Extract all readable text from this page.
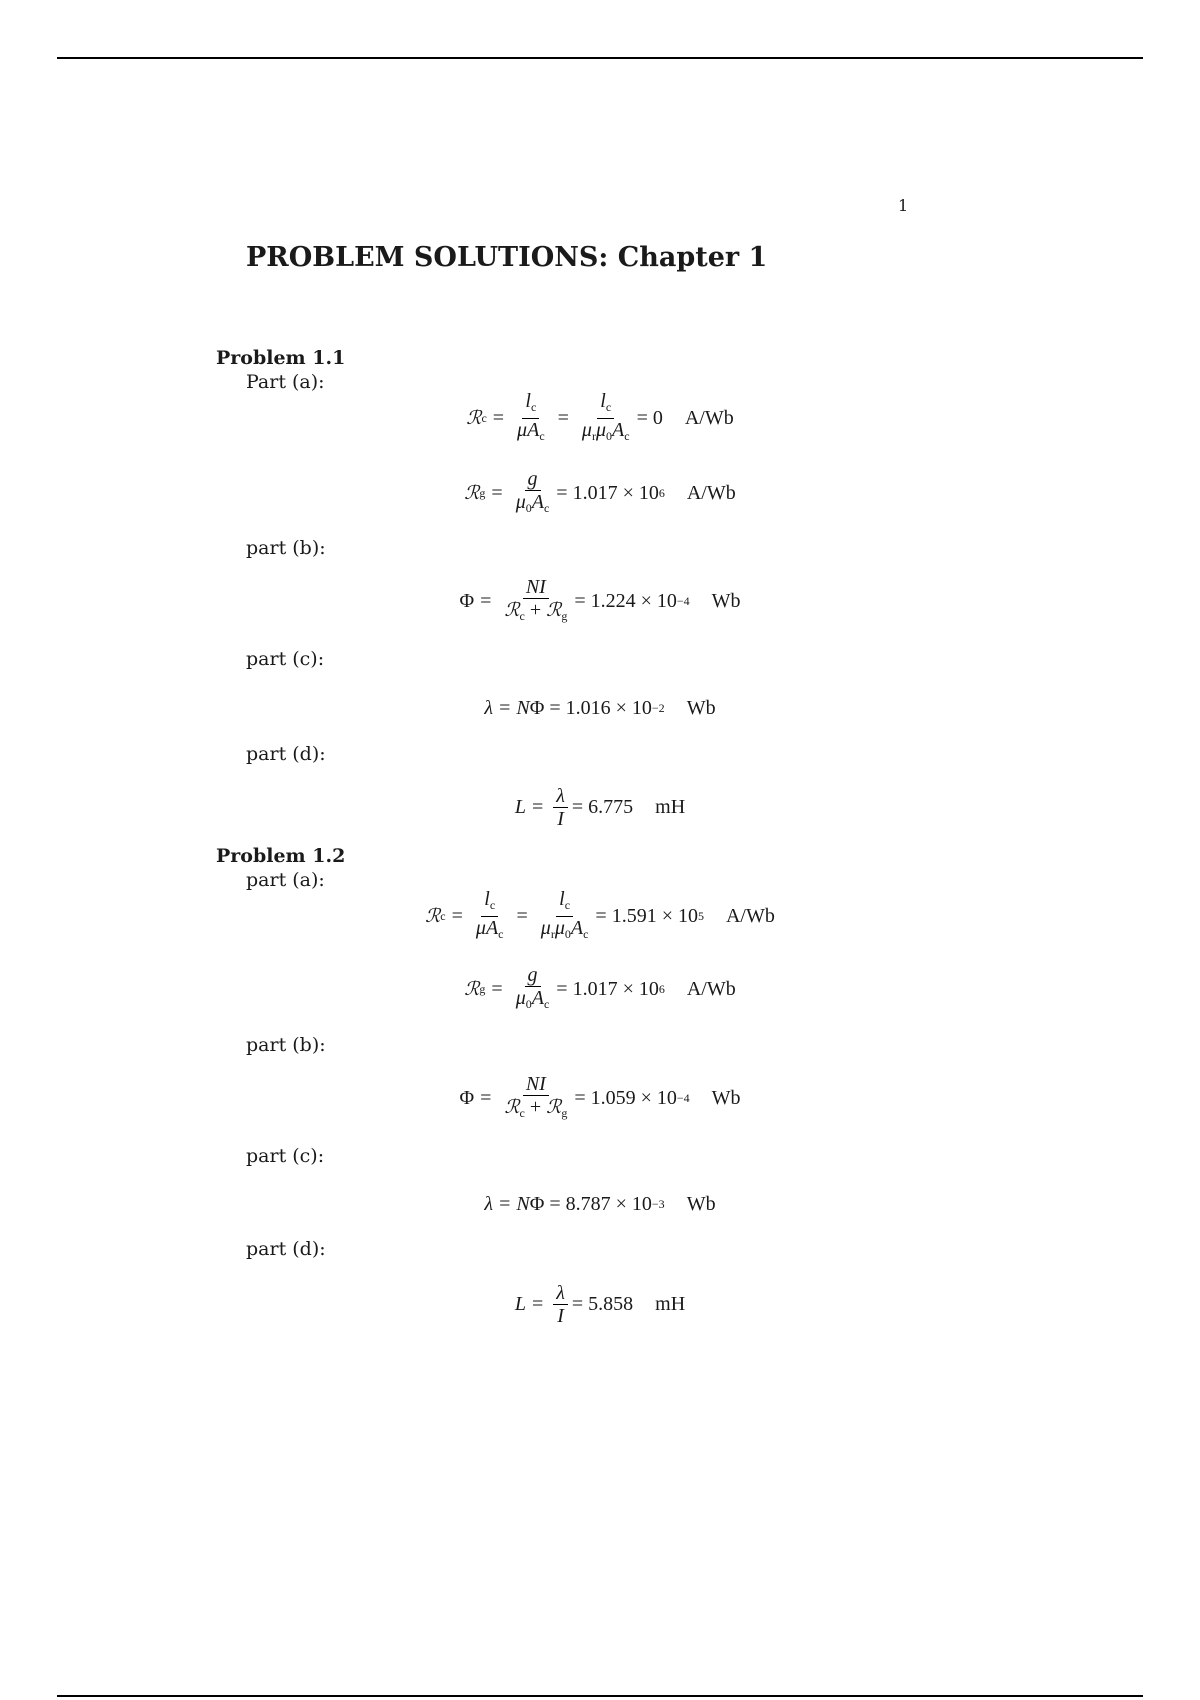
1
PROBLEM SOLUTIONS: Chapter 1
Problem 1.1
Part (a):
ℛ $c = \frac{l_c}{\mu A_c} = \frac{l_c}{\mu_r\mu_0A_c} = 0$ A/Wb
ℛ $g = \frac{g}{\mu_0A_c} = 1.017 \times 10$ 6 A/Wb
part (b):
$\Phi = \frac{NI}{ℛ_c + ℛ_g} = 1.224 \times 10 -4$ Wb
part (c):
λ = N Φ
= 1.016 × 10 −2 Wb
part (d):
$L = \frac{\lambda}{I} = 6.775$ mH
Problem 1.2
part (a):
ℛ $c = \frac{l_c}{\mu A_c} = \frac{l_c}{\mu_r\mu_0A_c} = 1.591 \times 10$ 5 A/Wb
ℛ $g = \frac{g}{\mu_0A_c} = 1.017 \times 10$ 6 A/Wb
part (b):
$\Phi = \frac{NI}{ℛ_c + ℛ_g} = 1.059 \times 10 -4$ Wb
part (c):
λ = N Φ
= 8.787 × 10 −3 Wb
part (d):
$L = \frac{\lambda}{I} = 5.858$ mH
